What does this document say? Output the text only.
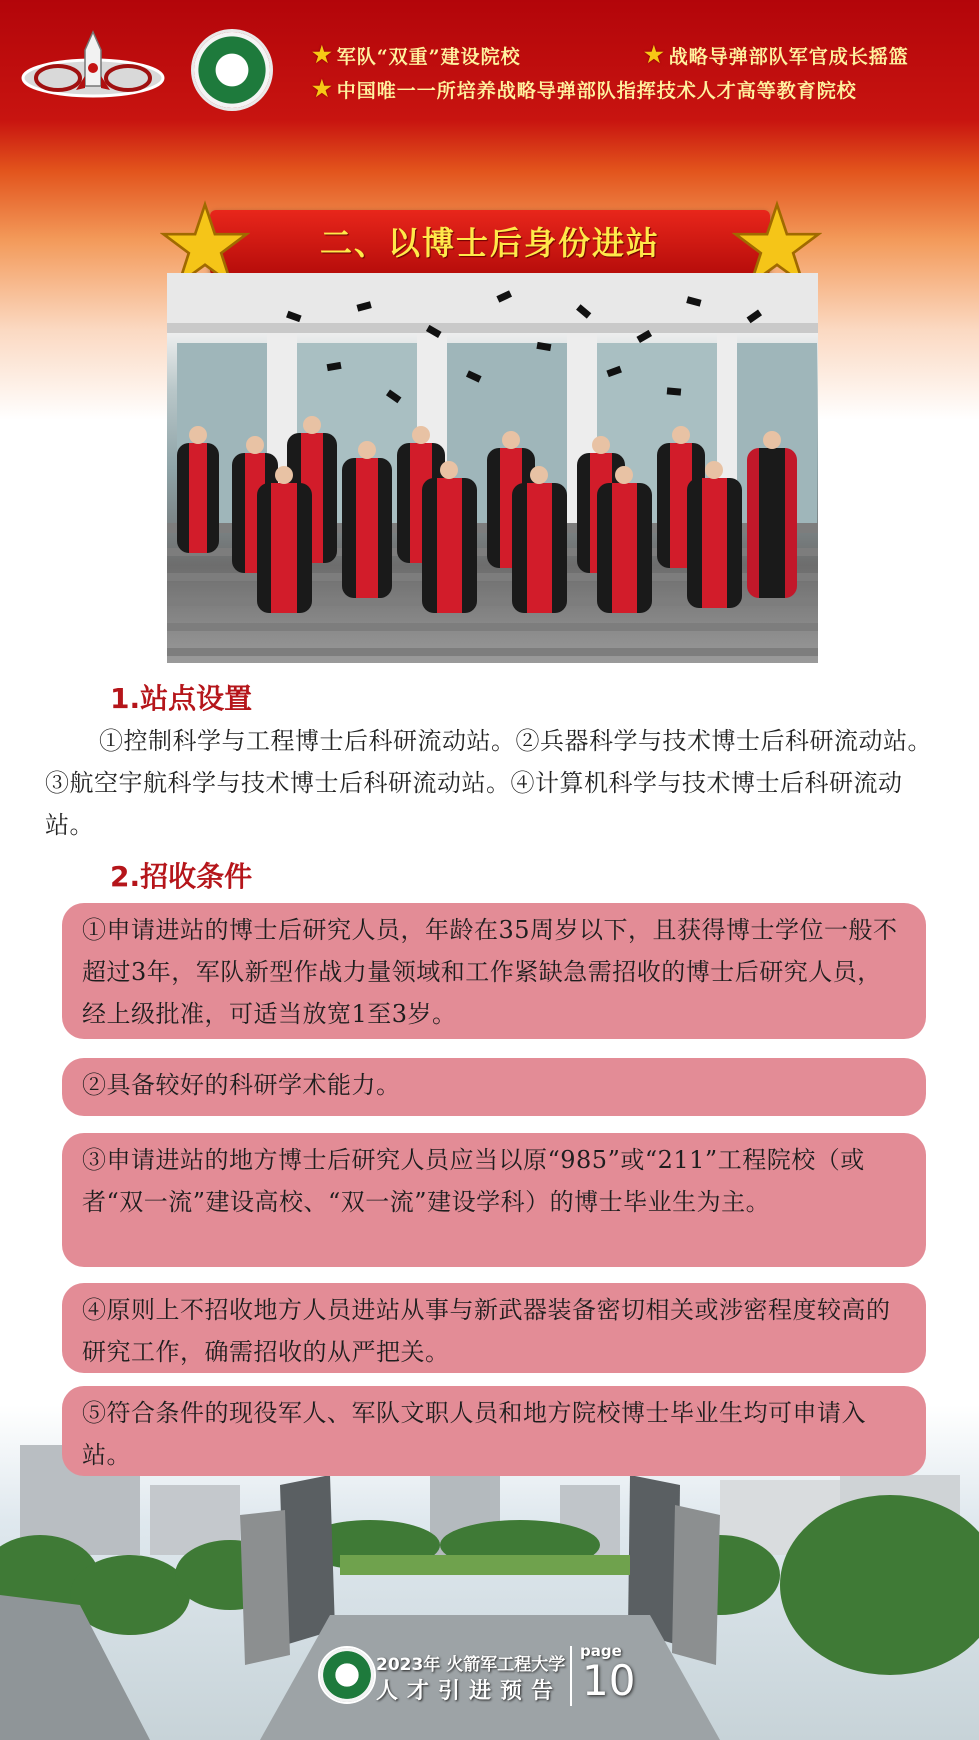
★ 军队“双重”建设院校	★ 战略导弹部队军官成长摇篮
★ 中国唯一一所培养战略导弹部队指挥技术人才高等教育院校
二、以博士后身份进站
1.站点设置
①控制科学与工程博士后科研流动站。②兵器科学与技术博士后科研流动站。③航空宇航科学与技术博士后科研流动站。④计算机科学与技术博士后科研流动站。
2.招收条件
①申请进站的博士后研究人员，年龄在35周岁以下，且获得博士学位一般不超过3年，军队新型作战力量领域和工作紧缺急需招收的博士后研究人员，经上级批准，可适当放宽1至3岁。
②具备较好的科研学术能力。
③申请进站的地方博士后研究人员应当以原“985”或“211”工程院校（或者“双一流”建设高校、“双一流”建设学科）的博士毕业生为主。
④原则上不招收地方人员进站从事与新武器装备密切相关或涉密程度较高的研究工作，确需招收的从严把关。
⑤符合条件的现役军人、军队文职人员和地方院校博士毕业生均可申请入站。
2023年 火箭军工程大学
人才引进预告
page
10
